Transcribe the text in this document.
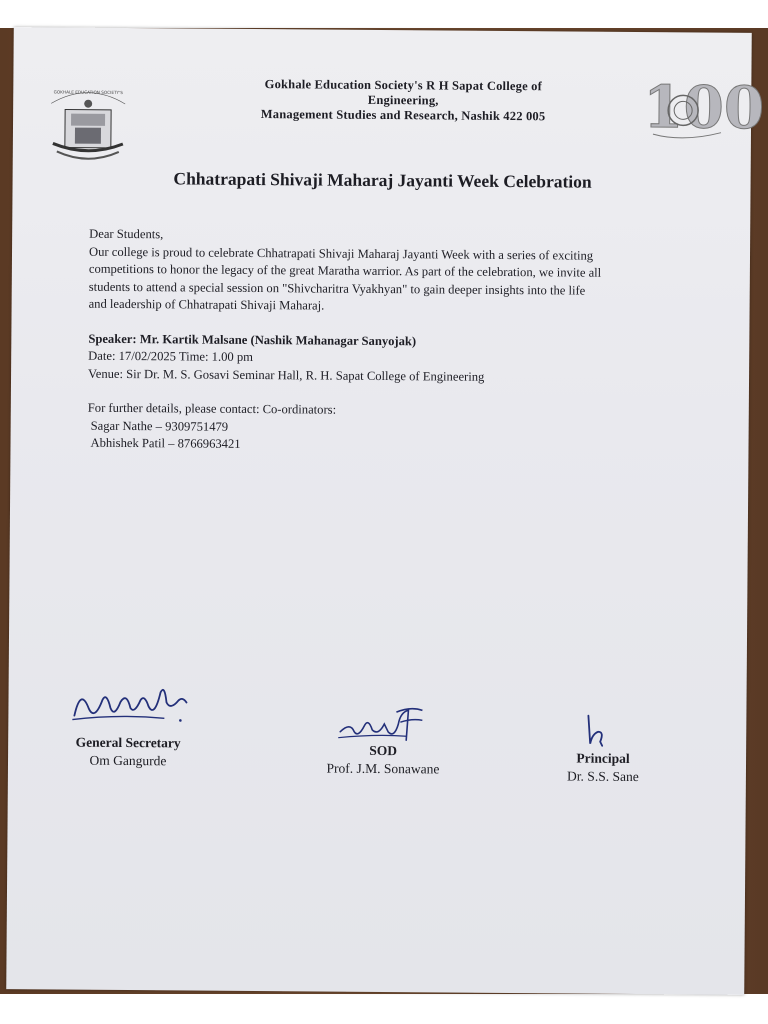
GOKHALE EDUCATION SOCIETY'S	Gokhale Education Society's R H Sapat College of
Engineering,
Management Studies and Research, Nashik 422 005	100
Chhatrapati Shivaji Maharaj Jayanti Week Celebration
Dear Students,
Our college is proud to celebrate Chhatrapati Shivaji Maharaj Jayanti Week with a series of exciting
competitions to honor the legacy of the great Maratha warrior. As part of the celebration, we invite all
students to attend a special session on "Shivcharitra Vyakhyan" to gain deeper insights into the life
and leadership of Chhatrapati Shivaji Maharaj.
Speaker: Mr. Kartik Malsane (Nashik Mahanagar Sanyojak)
Date: 17/02/2025 Time: 1.00 pm
Venue: Sir Dr. M. S. Gosavi Seminar Hall, R. H. Sapat College of Engineering
For further details, please contact: Co-ordinators:
Sagar Nathe – 9309751479
Abhishek Patil – 8766963421
General Secretary
Om Gangurde
SOD
Prof. J.M. Sonawane
Principal
Dr. S.S. Sane
